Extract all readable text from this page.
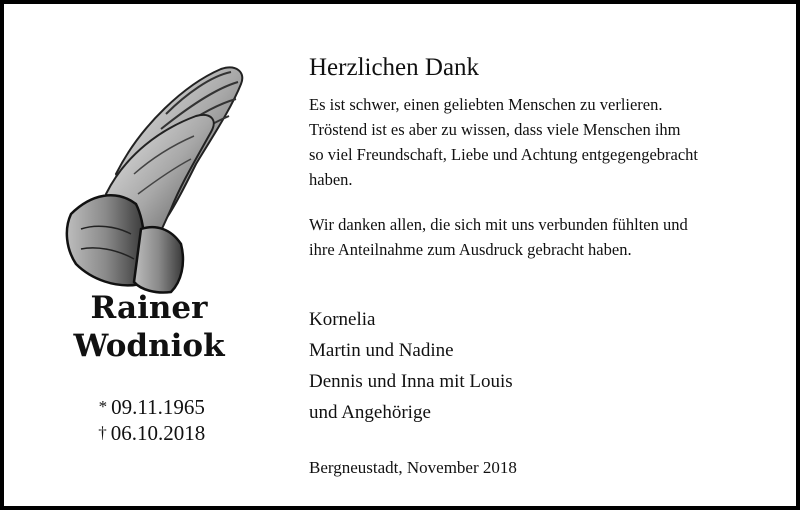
Rainer
Wodniok
* 09.11.1965
† 06.10.2018
Herzlichen Dank
Es ist schwer, einen geliebten Menschen zu verlieren.
Tröstend ist es aber zu wissen, dass viele Menschen ihm
so viel Freundschaft, Liebe und Achtung entgegengebracht
haben.
Wir danken allen, die sich mit uns verbunden fühlten und
ihre Anteilnahme zum Ausdruck gebracht haben.
Kornelia
Martin und Nadine
Dennis und Inna mit Louis
und Angehörige
Bergneustadt, November 2018
